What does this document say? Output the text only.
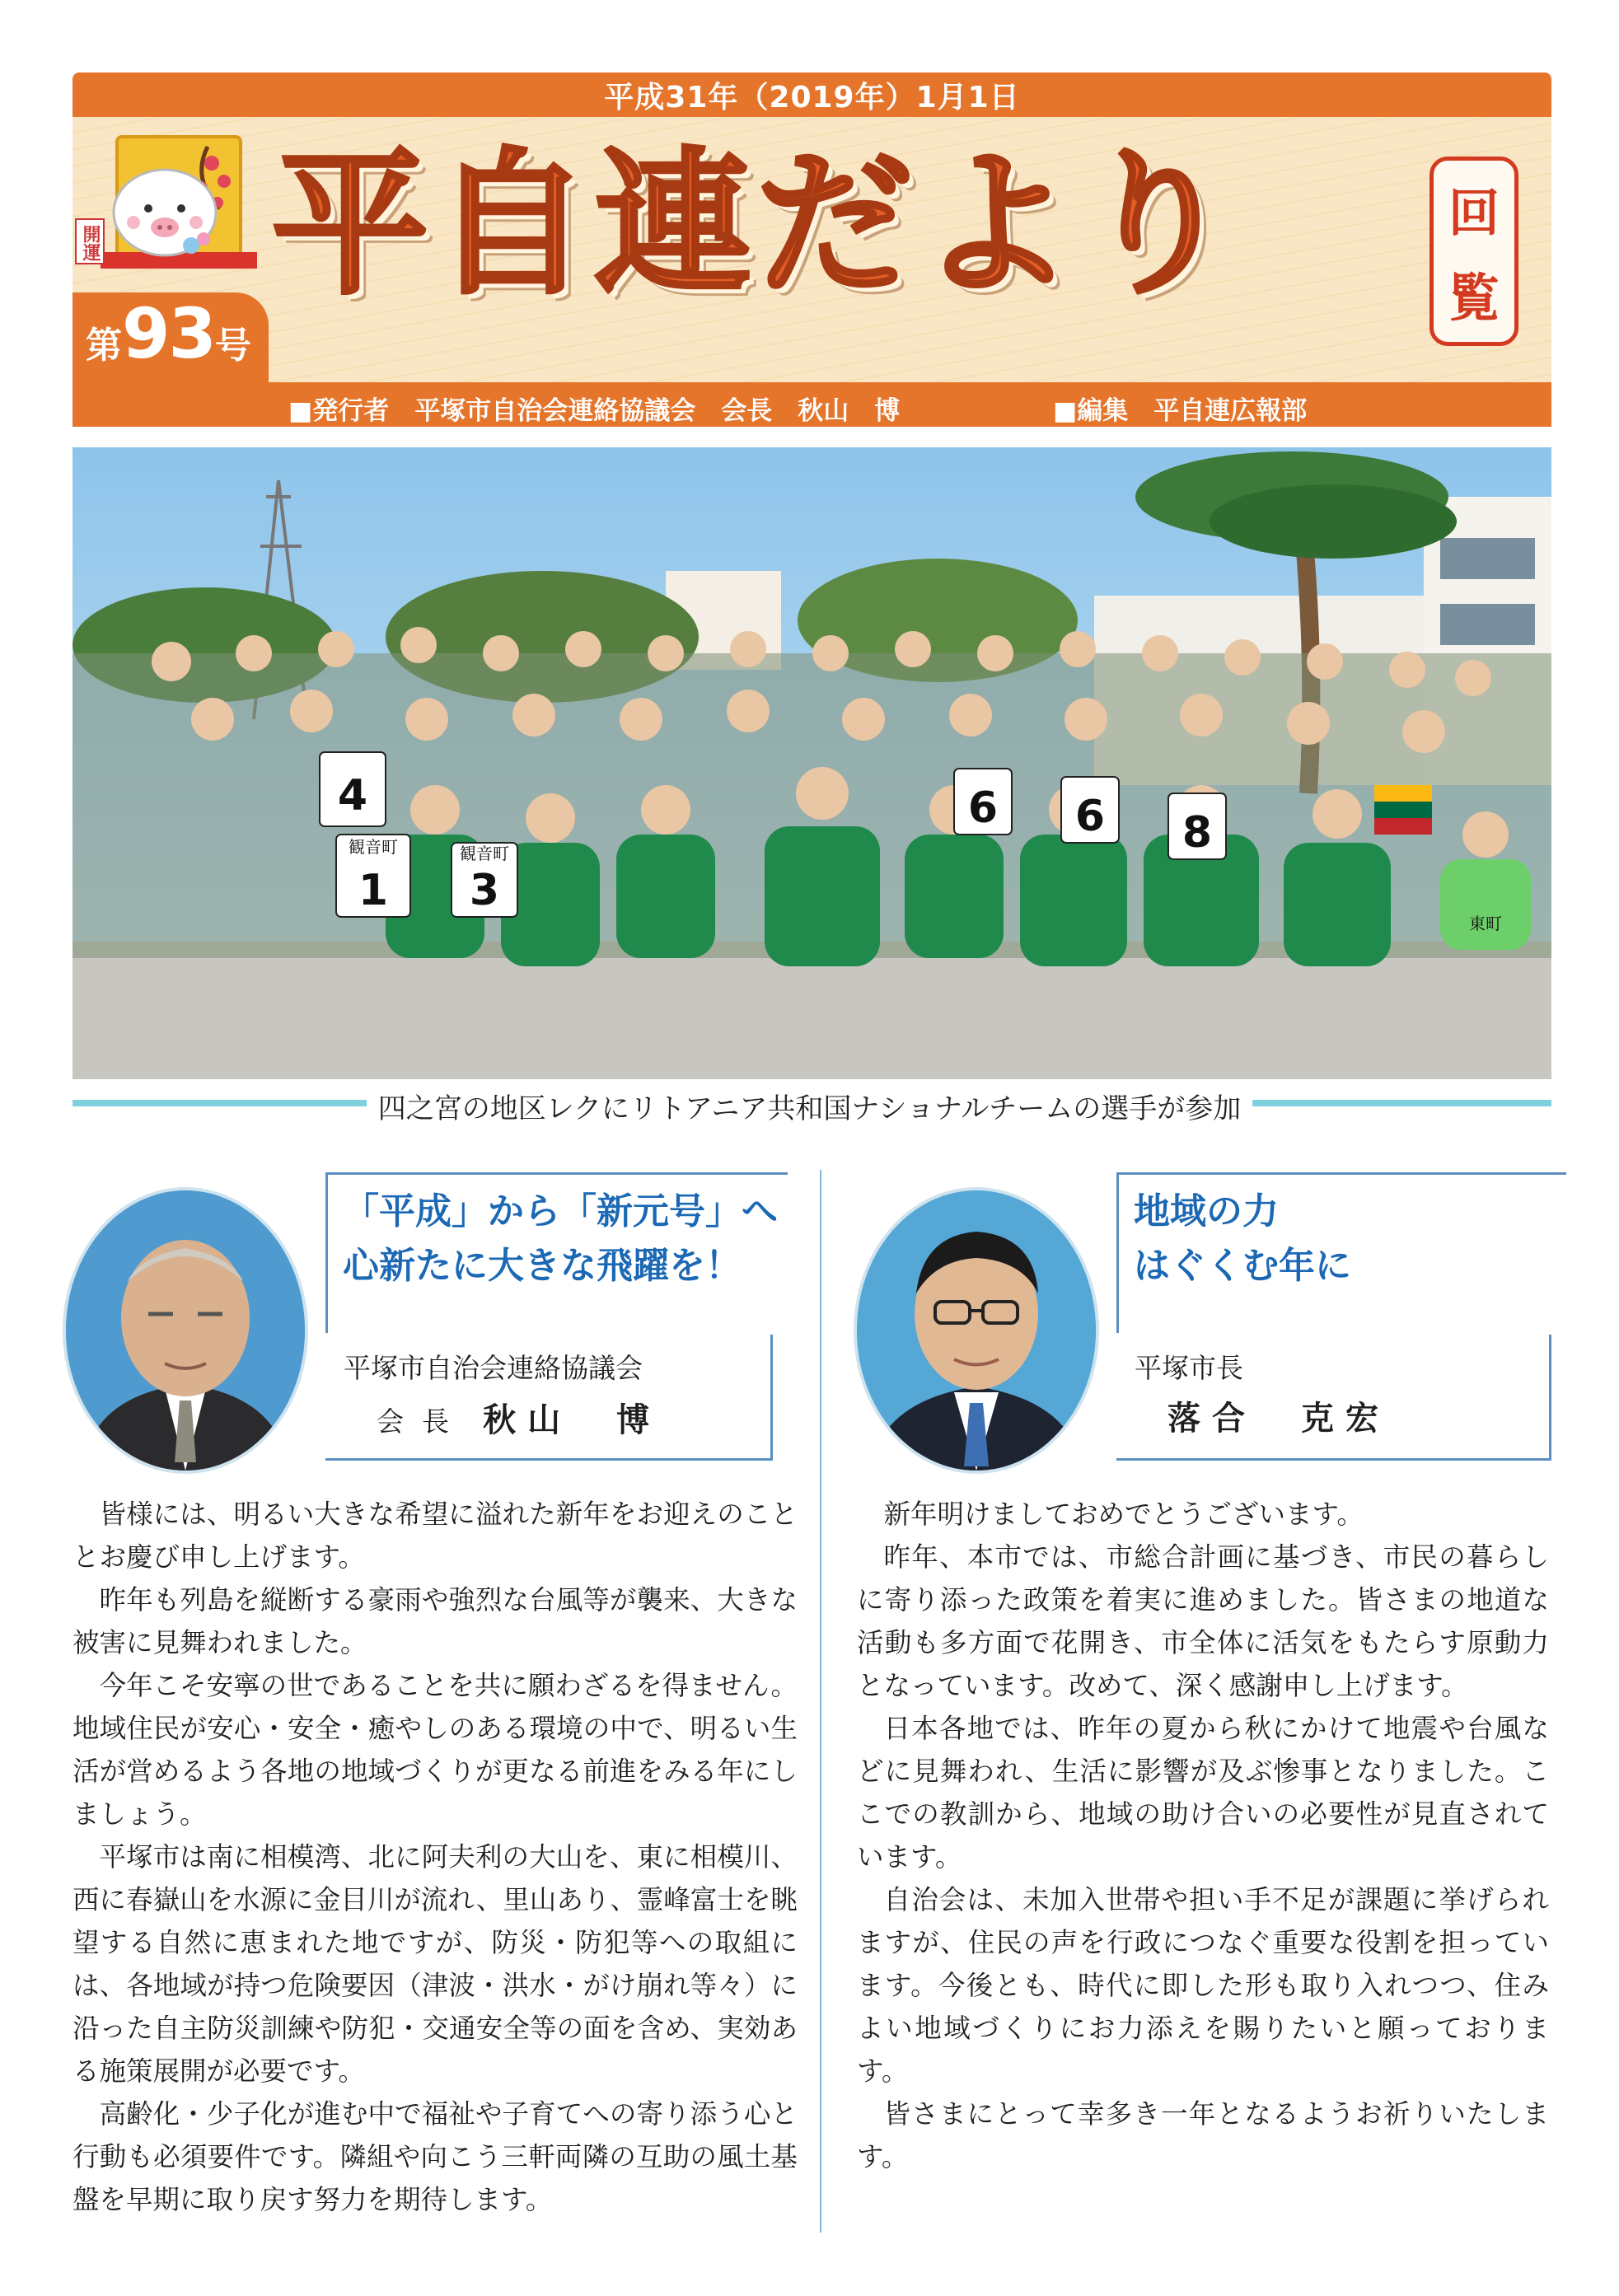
平成31年（2019年）1月1日
開運 平自連だより	回
覧
■発行者　平塚市自治会連絡協議会　会長　秋山　博	■編集　平自連広報部
第93号
4
1 3
6 6 8
観音町	観音町
東町
四之宮の地区レクにリトアニア共和国ナショナルチームの選手が参加
「平成」から「新元号」へ
心新たに大きな飛躍を！
平塚市自治会連絡協議会
会長 秋山　博

皆様には、明るい大きな希望に溢れた新年をお迎えのこととお慶び申し上げます。

昨年も列島を縦断する豪雨や強烈な台風等が襲来、大きな被害に見舞われました。

今年こそ安寧の世であることを共に願わざるを得ません。地域住民が安心・安全・癒やしのある環境の中で、明るい生活が営めるよう各地の地域づくりが更なる前進をみる年にしましょう。

平塚市は南に相模湾、北に阿夫利の大山を、東に相模川、西に春嶽山を水源に金目川が流れ、里山あり、霊峰富士を眺望する自然に恵まれた地ですが、防災・防犯等への取組には、各地域が持つ危険要因（津波・洪水・がけ崩れ等々）に沿った自主防災訓練や防犯・交通安全等の面を含め、実効ある施策展開が必要です。

高齢化・少子化が進む中で福祉や子育てへの寄り添う心と行動も必須要件です。隣組や向こう三軒両隣の互助の風土基盤を早期に取り戻す努力を期待します。

地域の力
はぐくむ年に
平塚市長
落合　克宏

新年明けましておめでとうございます。

昨年、本市では、市総合計画に基づき、市民の暮らしに寄り添った政策を着実に進めました。皆さまの地道な活動も多方面で花開き、市全体に活気をもたらす原動力となっています。改めて、深く感謝申し上げます。

日本各地では、昨年の夏から秋にかけて地震や台風などに見舞われ、生活に影響が及ぶ惨事となりました。ここでの教訓から、地域の助け合いの必要性が見直されています。

自治会は、未加入世帯や担い手不足が課題に挙げられますが、住民の声を行政につなぐ重要な役割を担っています。今後とも、時代に即した形も取り入れつつ、住みよい地域づくりにお力添えを賜りたいと願っております。

皆さまにとって幸多き一年となるようお祈りいたします。
